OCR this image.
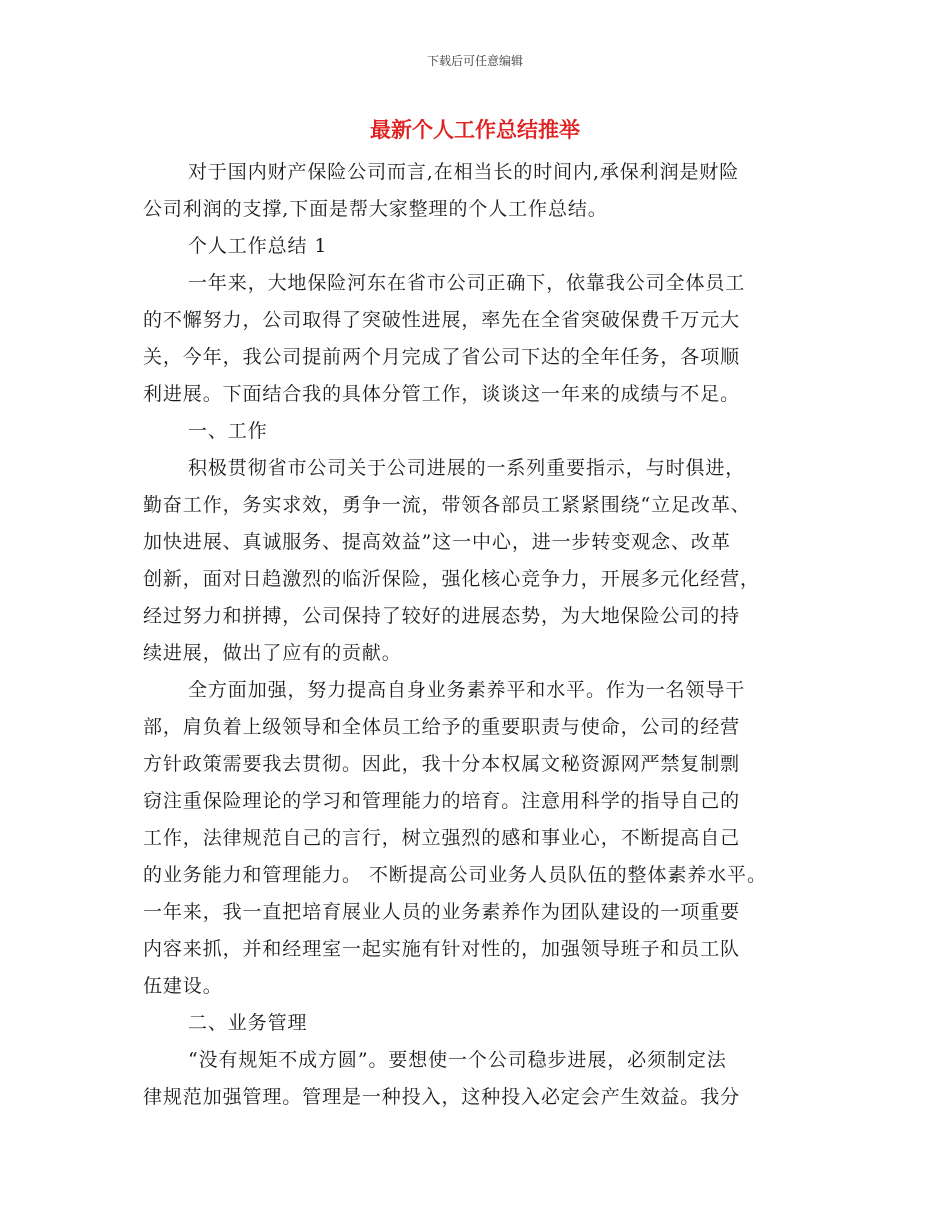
下载后可任意编辑
最新个人工作总结推举
对于国内财产保险公司而言,在相当长的时间内,承保利润是财险
公司利润的支撑,下面是帮大家整理的个人工作总结。
个人工作总结 1
一年来，大地保险河东在省市公司正确下，依靠我公司全体员工
的不懈努力，公司取得了突破性进展，率先在全省突破保费千万元大
关，今年，我公司提前两个月完成了省公司下达的全年任务，各项顺
利进展。下面结合我的具体分管工作，谈谈这一年来的成绩与不足。
一、工作
积极贯彻省市公司关于公司进展的一系列重要指示，与时俱进，
勤奋工作，务实求效，勇争一流，带领各部员工紧紧围绕“立足改革、
加快进展、真诚服务、提高效益”这一中心，进一步转变观念、改革
创新，面对日趋激烈的临沂保险，强化核心竞争力，开展多元化经营，
经过努力和拼搏，公司保持了较好的进展态势，为大地保险公司的持
续进展，做出了应有的贡献。
全方面加强，努力提高自身业务素养平和水平。作为一名领导干
部，肩负着上级领导和全体员工给予的重要职责与使命，公司的经营
方针政策需要我去贯彻。因此，我十分本权属文秘资源网严禁复制剽
窃注重保险理论的学习和管理能力的培育。注意用科学的指导自己的
工作，法律规范自己的言行，树立强烈的感和事业心，不断提高自己
的业务能力和管理能力。 不断提高公司业务人员队伍的整体素养水平。
一年来，我一直把培育展业人员的业务素养作为团队建设的一项重要
内容来抓，并和经理室一起实施有针对性的，加强领导班子和员工队
伍建设。
二、业务管理
“没有规矩不成方圆”。要想使一个公司稳步进展，必须制定法
律规范加强管理。管理是一种投入，这种投入必定会产生效益。我分
